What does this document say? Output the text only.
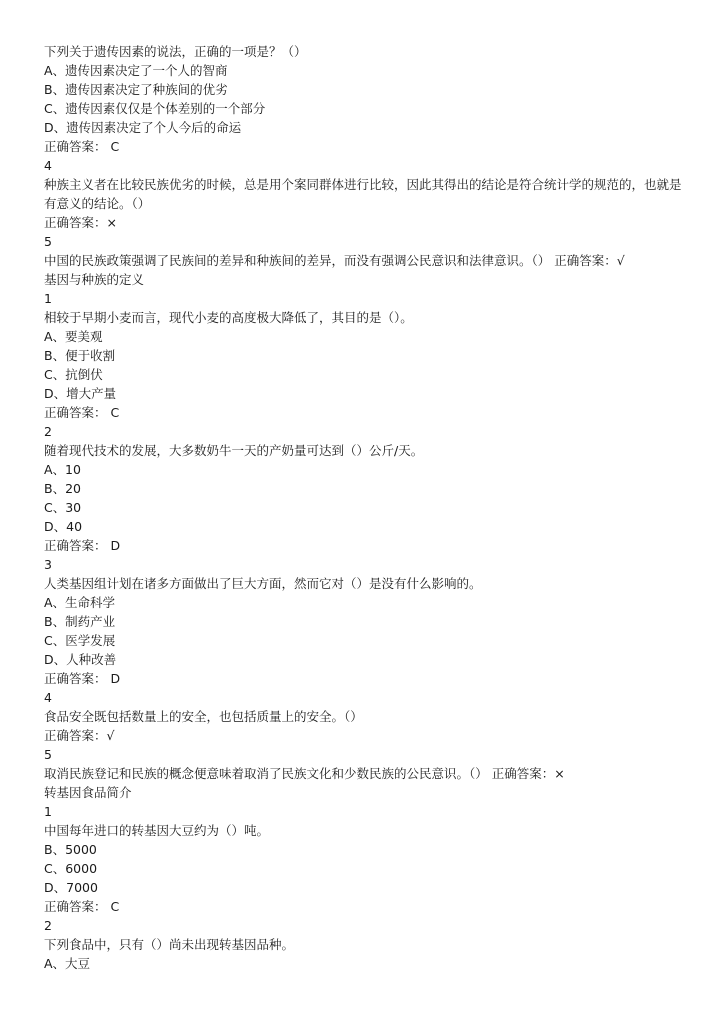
下列关于遗传因素的说法，正确的一项是？（）
A、遗传因素决定了一个人的智商
B、遗传因素决定了种族间的优劣
C、遗传因素仅仅是个体差别的一个部分
D、遗传因素决定了个人今后的命运
正确答案： C
4
种族主义者在比较民族优劣的时候，总是用个案同群体进行比较，因此其得出的结论是符合统计学的规范的，也就是有意义的结论。（）
正确答案：×
5
中国的民族政策强调了民族间的差异和种族间的差异，而没有强调公民意识和法律意识。（） 正确答案：√
基因与种族的定义
1
相较于早期小麦而言，现代小麦的高度极大降低了，其目的是（）。
A、要美观
B、便于收割
C、抗倒伏
D、增大产量
正确答案： C
2
随着现代技术的发展，大多数奶牛一天的产奶量可达到（）公斤/天。
A、10
B、20
C、30
D、40
正确答案： D
3
人类基因组计划在诸多方面做出了巨大方面，然而它对（）是没有什么影响的。
A、生命科学
B、制药产业
C、医学发展
D、人种改善
正确答案： D
4
食品安全既包括数量上的安全，也包括质量上的安全。（）
正确答案：√
5
取消民族登记和民族的概念便意味着取消了民族文化和少数民族的公民意识。（） 正确答案：×
转基因食品简介
1
中国每年进口的转基因大豆约为（）吨。
B、5000
C、6000
D、7000
正确答案： C
2
下列食品中，只有（）尚未出现转基因品种。
A、大豆
